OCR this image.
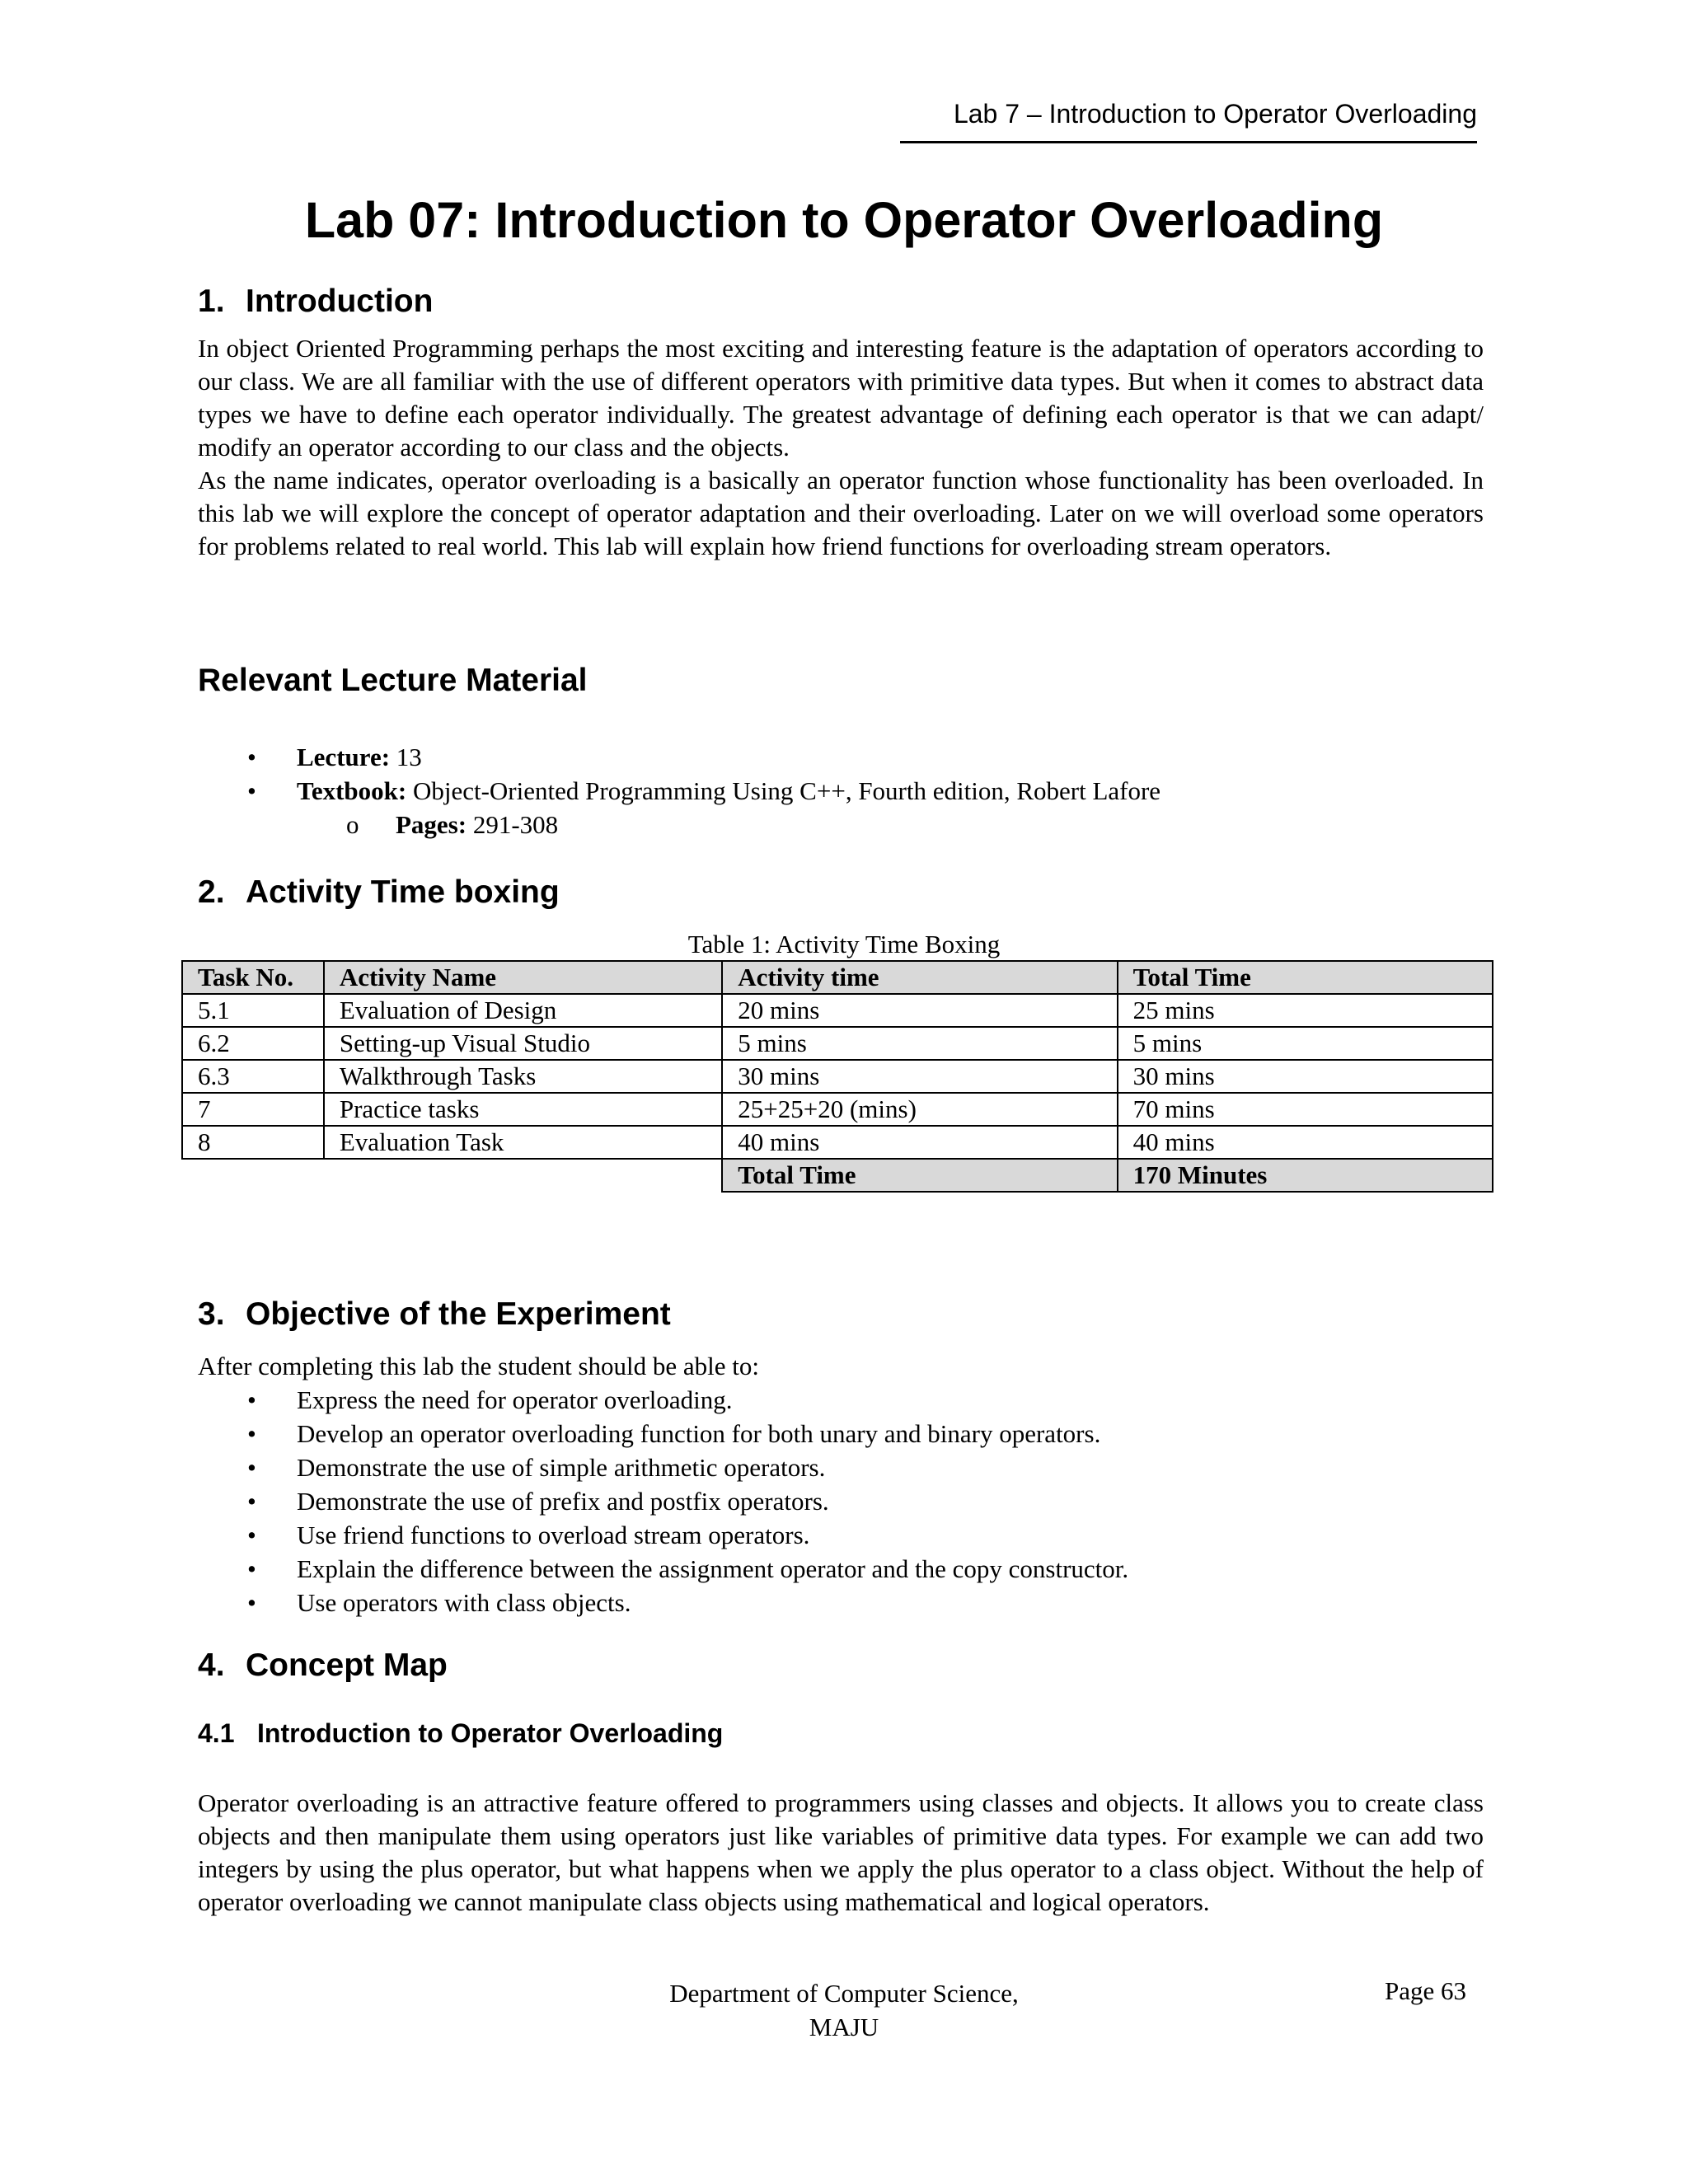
Lab 7 – Introduction to Operator Overloading
Lab 07: Introduction to Operator Overloading
1. Introduction

In object Oriented Programming perhaps the most exciting and interesting feature is the adaptation of operators according to our class. We are all familiar with the use of different operators with primitive data types. But when it comes to abstract data types we have to define each operator individually. The greatest advantage of defining each operator is that we can adapt/ modify an operator according to our class and the objects.

As the name indicates, operator overloading is a basically an operator function whose functionality has been overloaded. In this lab we will explore the concept of operator adaptation and their overloading. Later on we will overload some operators for problems related to real world. This lab will explain how friend functions for overloading stream operators.

Relevant Lecture Material
• Lecture: 13
• Textbook: Object-Oriented Programming Using C++, Fourth edition, Robert Lafore
o Pages: 291-308
2. Activity Time boxing
Table 1: Activity Time Boxing
Task No.	Activity Name	Activity time	Total Time
5.1	Evaluation of Design	20 mins	25 mins
6.2	Setting-up Visual Studio	5 mins	5 mins
6.3	Walkthrough Tasks	30 mins	30 mins
7	Practice tasks	25+25+20 (mins)	70 mins
8	Evaluation Task	40 mins	40 mins
		Total Time	170 Minutes
3. Objective of the Experiment
After completing this lab the student should be able to:
• Express the need for operator overloading.
• Develop an operator overloading function for both unary and binary operators.
• Demonstrate the use of simple arithmetic operators.
• Demonstrate the use of prefix and postfix operators.
• Use friend functions to overload stream operators.
• Explain the difference between the assignment operator and the copy constructor.
• Use operators with class objects.
4. Concept Map
4.1 Introduction to Operator Overloading

Operator overloading is an attractive feature offered to programmers using classes and objects. It allows you to create class objects and then manipulate them using operators just like variables of primitive data types. For example we can add two integers by using the plus operator, but what happens when we apply the plus operator to a class object. Without the help of operator overloading we cannot manipulate class objects using mathematical and logical operators.

Department of Computer Science,
MAJU
Page 63
